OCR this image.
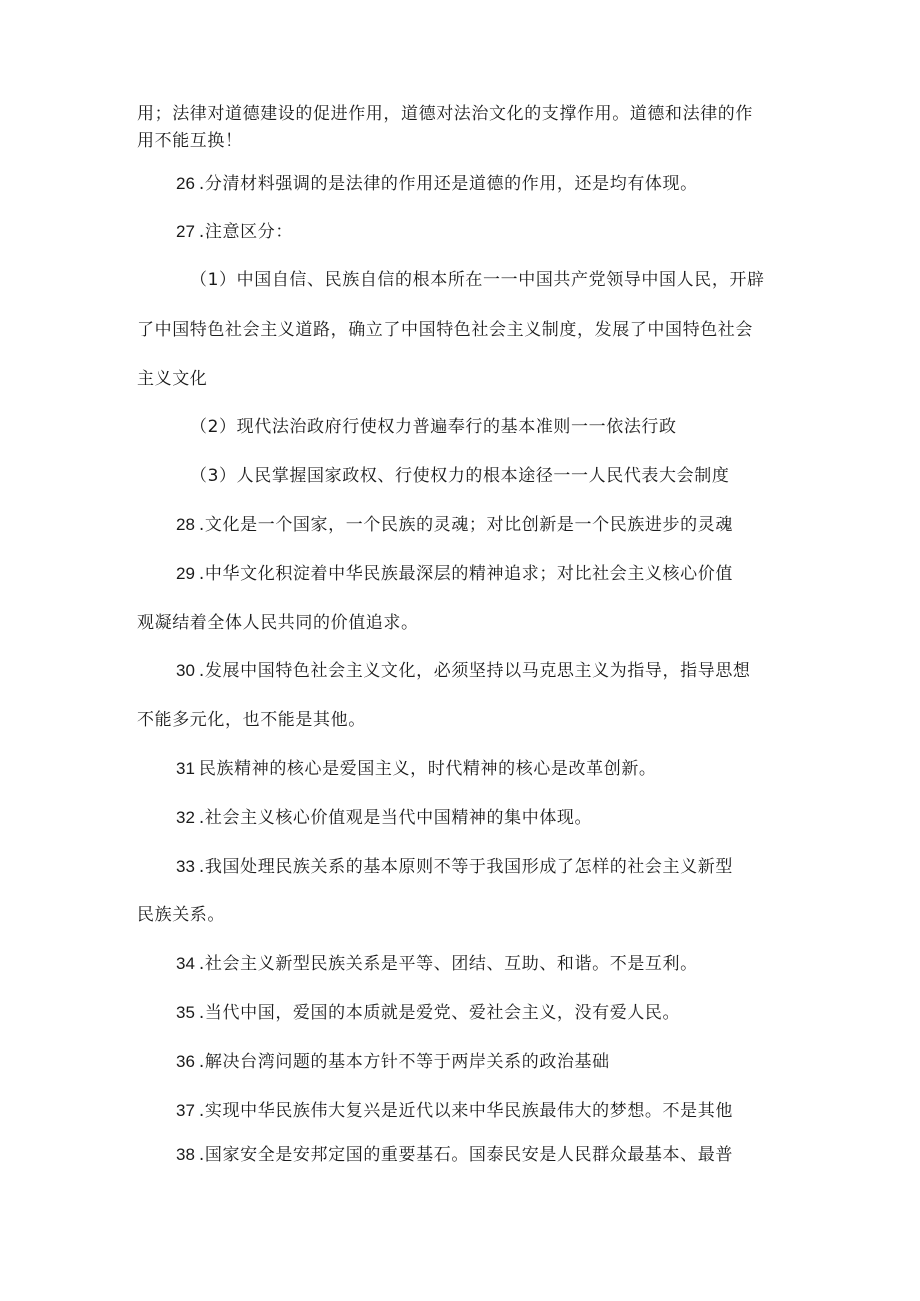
用；法律对道德建设的促进作用，道德对法治文化的支撑作用。道德和法律的作
用不能互换！
26 .分清材料强调的是法律的作用还是道德的作用，还是均有体现。
27 .注意区分：
（1）中国自信、民族自信的根本所在一一中国共产党领导中国人民，开辟
了中国特色社会主义道路，确立了中国特色社会主义制度，发展了中国特色社会
主义文化
（2）现代法治政府行使权力普遍奉行的基本准则一一依法行政
（3）人民掌握国家政权、行使权力的根本途径一一人民代表大会制度
28 .文化是一个国家，一个民族的灵魂；对比创新是一个民族进步的灵魂
29 .中华文化积淀着中华民族最深层的精神追求；对比社会主义核心价值
观凝结着全体人民共同的价值追求。
30 .发展中国特色社会主义文化，必须坚持以马克思主义为指导，指导思想
不能多元化，也不能是其他。
31 民族精神的核心是爱国主义，时代精神的核心是改革创新。
32 .社会主义核心价值观是当代中国精神的集中体现。
33 .我国处理民族关系的基本原则不等于我国形成了怎样的社会主义新型
民族关系。
34 .社会主义新型民族关系是平等、团结、互助、和谐。不是互利。
35 .当代中国，爱国的本质就是爱党、爱社会主义，没有爱人民。
36 .解决台湾问题的基本方针不等于两岸关系的政治基础
37 .实现中华民族伟大复兴是近代以来中华民族最伟大的梦想。不是其他
38 .国家安全是安邦定国的重要基石。国泰民安是人民群众最基本、最普
